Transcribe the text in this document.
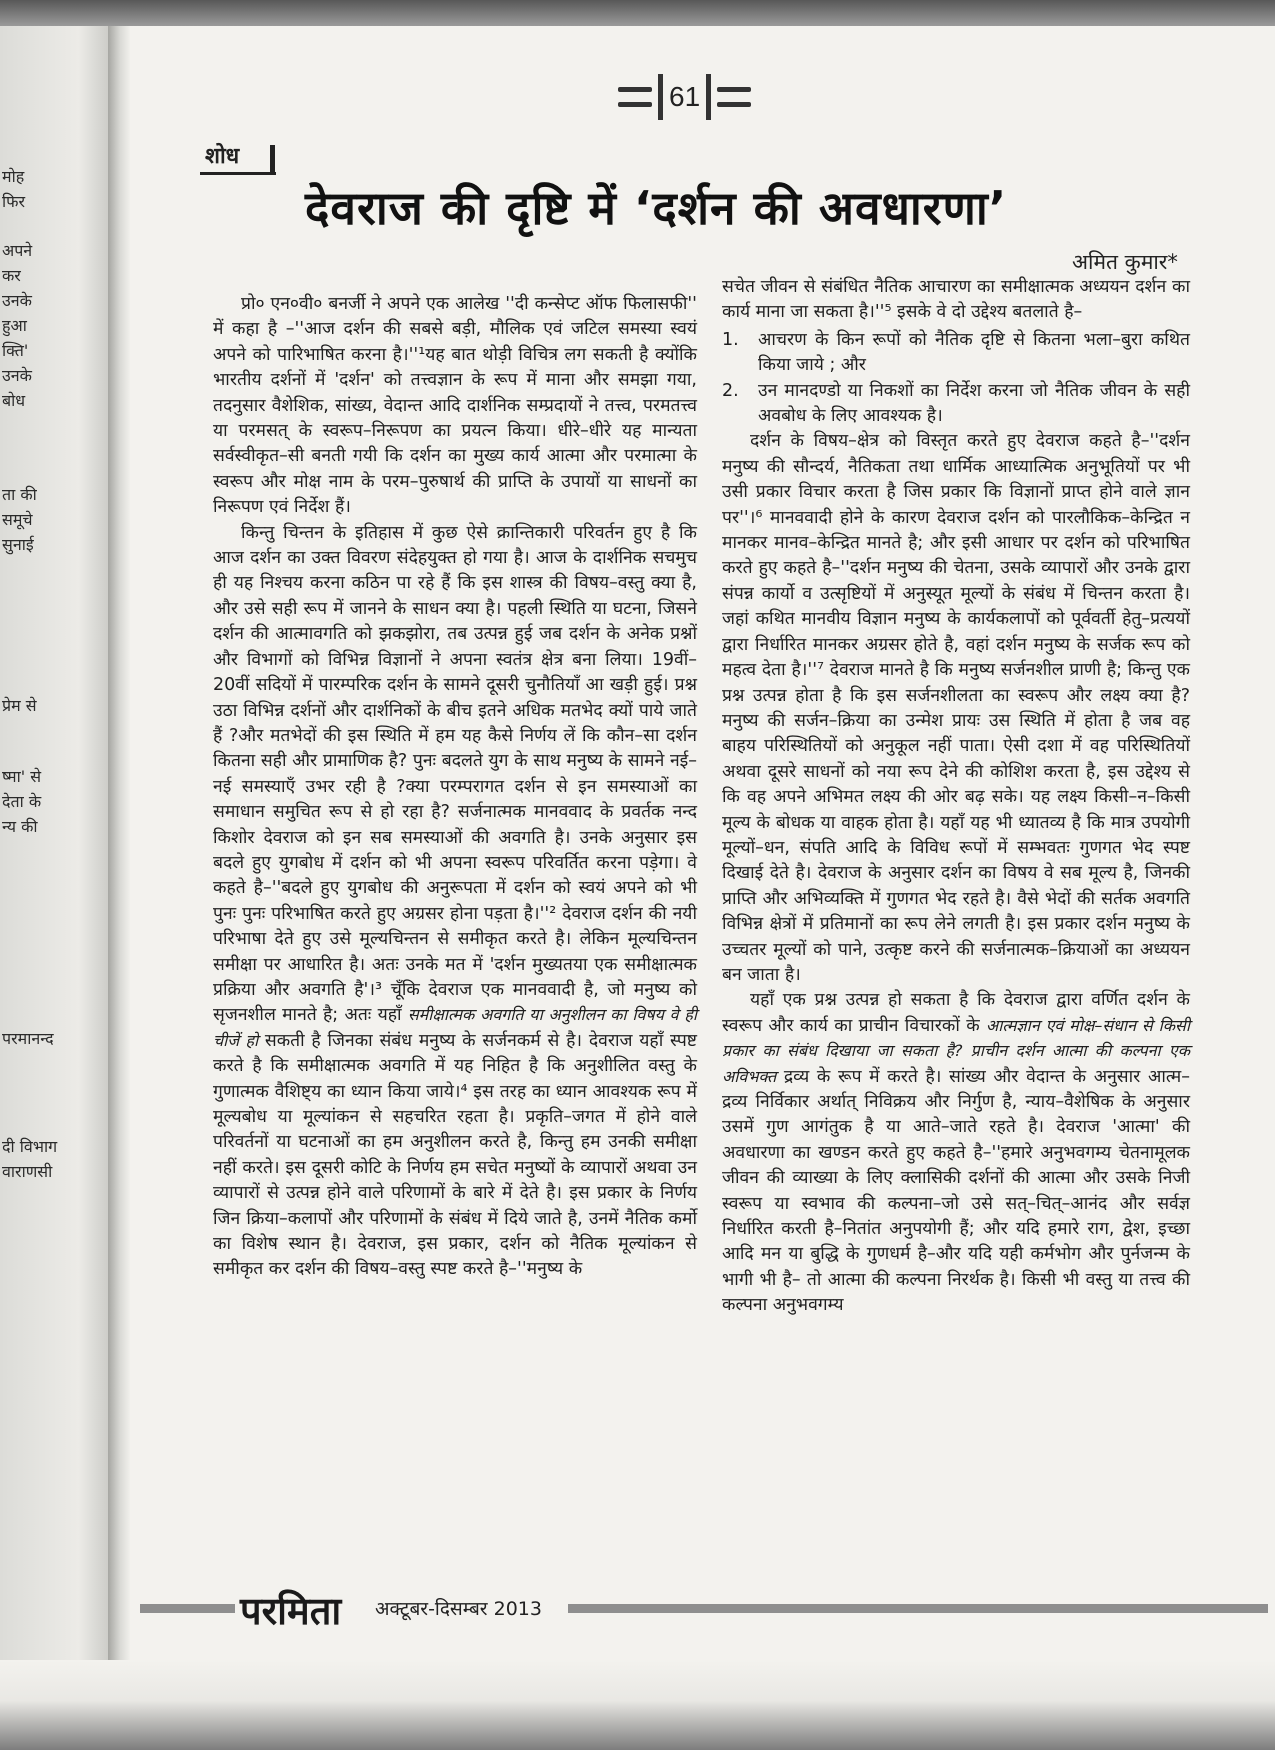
मोह
फिर
अपने
कर
उनके
हुआ
क्ति'
उनके
बोध
ता की
समूचे
सुनाई
प्रेम से
ष्मा' से
देता के
न्य की
परमानन्द
दी विभाग
वाराणसी
61
शोध
देवराज की दृष्टि में ‘दर्शन की अवधारणा’
अमित कुमार*

प्रो० एन०वी० बनर्जी ने अपने एक आलेख ''दी कन्सेप्ट ऑफ फिलासफी'' में कहा है –''आज दर्शन की सबसे बड़ी, मौलिक एवं जटिल समस्या स्वयं अपने को पारिभाषित करना है।''¹यह बात थोड़ी विचित्र लग सकती है क्योंकि भारतीय दर्शनों में 'दर्शन' को तत्त्वज्ञान के रूप में माना और समझा गया, तदनुसार वैशेशिक, सांख्य, वेदान्त आदि दार्शनिक सम्प्रदायों ने तत्त्व, परमतत्त्व या परमसत् के स्वरूप–निरूपण का प्रयत्न किया। धीरे–धीरे यह मान्यता सर्वस्वीकृत–सी बनती गयी कि दर्शन का मुख्य कार्य आत्मा और परमात्मा के स्वरूप और मोक्ष नाम के परम–पुरुषार्थ की प्राप्ति के उपायों या साधनों का निरूपण एवं निर्देश हैं।

किन्तु चिन्तन के इतिहास में कुछ ऐसे क्रान्तिकारी परिवर्तन हुए है कि आज दर्शन का उक्त विवरण संदेहयुक्त हो गया है। आज के दार्शनिक सचमुच ही यह निश्चय करना कठिन पा रहे हैं कि इस शास्त्र की विषय–वस्तु क्या है, और उसे सही रूप में जानने के साधन क्या है। पहली स्थिति या घटना, जिसने दर्शन की आत्मावगति को झकझोरा, तब उत्पन्न हुई जब दर्शन के अनेक प्रश्नों और विभागों को विभिन्न विज्ञानों ने अपना स्वतंत्र क्षेत्र बना लिया। 19वीं–20वीं सदियों में पारम्परिक दर्शन के सामने दूसरी चुनौतियाँ आ खड़ी हुई। प्रश्न उठा विभिन्न दर्शनों और दार्शनिकों के बीच इतने अधिक मतभेद क्यों पाये जाते हैं ?और मतभेदों की इस स्थिति में हम यह कैसे निर्णय लें कि कौन–सा दर्शन कितना सही और प्रामाणिक है? पुनः बदलते युग के साथ मनुष्य के सामने नई–नई समस्याएँ उभर रही है ?क्या परम्परागत दर्शन से इन समस्याओं का समाधान समुचित रूप से हो रहा है? सर्जनात्मक मानववाद के प्रवर्तक नन्द किशोर देवराज को इन सब समस्याओं की अवगति है। उनके अनुसार इस बदले हुए युगबोध में दर्शन को भी अपना स्वरूप परिवर्तित करना पड़ेगा। वे कहते है–''बदले हुए युगबोध की अनुरूपता में दर्शन को स्वयं अपने को भी पुनः पुनः परिभाषित करते हुए अग्रसर होना पड़ता है।''² देवराज दर्शन की नयी परिभाषा देते हुए उसे मूल्यचिन्तन से समीकृत करते है। लेकिन मूल्यचिन्तन समीक्षा पर आधारित है। अतः उनके मत में 'दर्शन मुख्यतया एक समीक्षात्मक प्रक्रिया और अवगति है'।³ चूँकि देवराज एक मानववादी है, जो मनुष्य को सृजनशील मानते है; अतः यहाँ समीक्षात्मक अवगति या अनुशीलन का विषय वे ही चीजें हो सकती है जिनका संबंध मनुष्य के सर्जनकर्म से है। देवराज यहाँ स्पष्ट करते है कि समीक्षात्मक अवगति में यह निहित है कि अनुशीलित वस्तु के गुणात्मक वैशिष्ट्य का ध्यान किया जाये।⁴ इस तरह का ध्यान आवश्यक रूप में मूल्यबोध या मूल्यांकन से सहचरित रहता है। प्रकृति–जगत में होने वाले परिवर्तनों या घटनाओं का हम अनुशीलन करते है, किन्तु हम उनकी समीक्षा नहीं करते। इस दूसरी कोटि के निर्णय हम सचेत मनुष्यों के व्यापारों अथवा उन व्यापारों से उत्पन्न होने वाले परिणामों के बारे में देते है। इस प्रकार के निर्णय जिन क्रिया–कलापों और परिणामों के संबंध में दिये जाते है, उनमें नैतिक कर्मो का विशेष स्थान है। देवराज, इस प्रकार, दर्शन को नैतिक मूल्यांकन से समीकृत कर दर्शन की विषय–वस्तु स्पष्ट करते है–''मनुष्य के

सचेत जीवन से संबंधित नैतिक आचारण का समीक्षात्मक अध्ययन दर्शन का कार्य माना जा सकता है।''⁵ इसके वे दो उद्देश्य बतलाते है–

1. आचरण के किन रूपों को नैतिक दृष्टि से कितना भला–बुरा कथित किया जाये ; और
2. उन मानदण्डो या निकशों का निर्देश करना जो नैतिक जीवन के सही अवबोध के लिए आवश्यक है।

दर्शन के विषय–क्षेत्र को विस्तृत करते हुए देवराज कहते है–''दर्शन मनुष्य की सौन्दर्य, नैतिकता तथा धार्मिक आध्यात्मिक अनुभूतियों पर भी उसी प्रकार विचार करता है जिस प्रकार कि विज्ञानों प्राप्त होने वाले ज्ञान पर''।⁶ मानववादी होने के कारण देवराज दर्शन को पारलौकिक–केन्द्रित न मानकर मानव–केन्द्रित मानते है; और इसी आधार पर दर्शन को परिभाषित करते हुए कहते है–''दर्शन मनुष्य की चेतना, उसके व्यापारों और उनके द्वारा संपन्न कार्यो व उत्सृष्टियों में अनुस्यूत मूल्यों के संबंध में चिन्तन करता है। जहां कथित मानवीय विज्ञान मनुष्य के कार्यकलापों को पूर्ववर्ती हेतु–प्रत्ययों द्वारा निर्धारित मानकर अग्रसर होते है, वहां दर्शन मनुष्य के सर्जक रूप को महत्व देता है।''⁷ देवराज मानते है कि मनुष्य सर्जनशील प्राणी है; किन्तु एक प्रश्न उत्पन्न होता है कि इस सर्जनशीलता का स्वरूप और लक्ष्य क्या है? मनुष्य की सर्जन–क्रिया का उन्मेश प्रायः उस स्थिति में होता है जब वह बाहय परिस्थितियों को अनुकूल नहीं पाता। ऐसी दशा में वह परिस्थितियों अथवा दूसरे साधनों को नया रूप देने की कोशिश करता है, इस उद्देश्य से कि वह अपने अभिमत लक्ष्य की ओर बढ़ सके। यह लक्ष्य किसी–न–किसी मूल्य के बोधक या वाहक होता है। यहाँ यह भी ध्यातव्य है कि मात्र उपयोगी मूल्यों–धन, संपति आदि के विविध रूपों में सम्भवतः गुणगत भेद स्पष्ट दिखाई देते है। देवराज के अनुसार दर्शन का विषय वे सब मूल्य है, जिनकी प्राप्ति और अभिव्यक्ति में गुणगत भेद रहते है। वैसे भेदों की सर्तक अवगति विभिन्न क्षेत्रों में प्रतिमानों का रूप लेने लगती है। इस प्रकार दर्शन मनुष्य के उच्चतर मूल्यों को पाने, उत्कृष्ट करने की सर्जनात्मक–क्रियाओं का अध्ययन बन जाता है।

यहाँ एक प्रश्न उत्पन्न हो सकता है कि देवराज द्वारा वर्णित दर्शन के स्वरूप और कार्य का प्राचीन विचारकों के आत्मज्ञान एवं मोक्ष–संधान से किसी प्रकार का संबंध दिखाया जा सकता है? प्राचीन दर्शन आत्मा की कल्पना एक अविभक्त द्रव्य के रूप में करते है। सांख्य और वेदान्त के अनुसार आत्म–द्रव्य निर्विकार अर्थात् निविक्रय और निर्गुण है, न्याय–वैशेषिक के अनुसार उसमें गुण आगंतुक है या आते–जाते रहते है। देवराज 'आत्मा' की अवधारणा का खण्डन करते हुए कहते है–''हमारे अनुभवगम्य चेतनामूलक जीवन की व्याख्या के लिए क्लासिकी दर्शनों की आत्मा और उसके निजी स्वरूप या स्वभाव की कल्पना–जो उसे सत्–चित्–आनंद और सर्वज्ञ निर्धारित करती है–नितांत अनुपयोगी हैं; और यदि हमारे राग, द्वेश, इच्छा आदि मन या बुद्धि के गुणधर्म है–और यदि यही कर्मभोग और पुर्नजन्म के भागी भी है– तो आत्मा की कल्पना निरर्थक है। किसी भी वस्तु या तत्त्व की कल्पना अनुभवगम्य

परमिता अक्टूबर-दिसम्बर 2013
